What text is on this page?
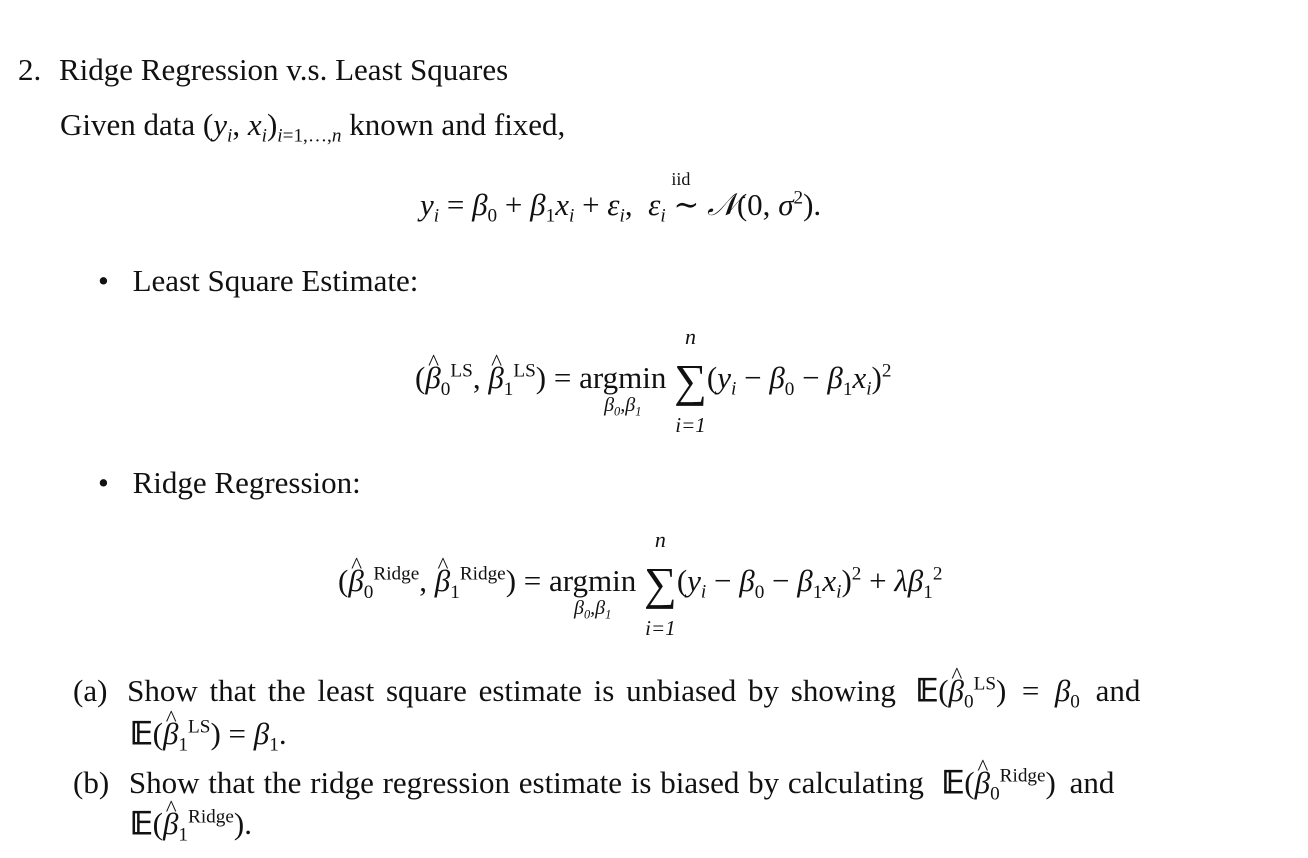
2. Ridge Regression v.s. Least Squares
Given data ($y_i$, $x_i)_{i=1,\dots,n}$ known and fixed,
$y_i = \beta_0 + \beta_1x_i + \varepsilon_i$,  $\varepsilon_i$
iid
∼ 𝒩(0, $\sigma^2$).
• Least Square Estimate:
(^ $\beta_0^{LS}$, ^ $\beta_1^{LS}) = argmin$
$\beta_0,\beta_1$

n
∑
i=1
$(y_i - \beta_0 - \beta_1x_i)^2$
• Ridge Regression:
(^ $\beta_0^{Ridge}$, ^ $\beta_1^{Ridge}) = argmin$
$\beta_0,\beta_1$

n
∑
i=1
$(y_i - \beta_0 - \beta_1x_i)^2 + \lambda\beta_1^2$
(a) Show that the least square estimate is unbiased by showing 𝔼(^ $\beta_0^{LS}) = \beta_0$ and
𝔼(^ $\beta_1^{LS}) = \beta_1$.
(b) Show that the ridge regression estimate is biased by calculating 𝔼(^ $\beta_0^{Ridge}$) and
𝔼(^ $\beta_1^{Ridge}$).
